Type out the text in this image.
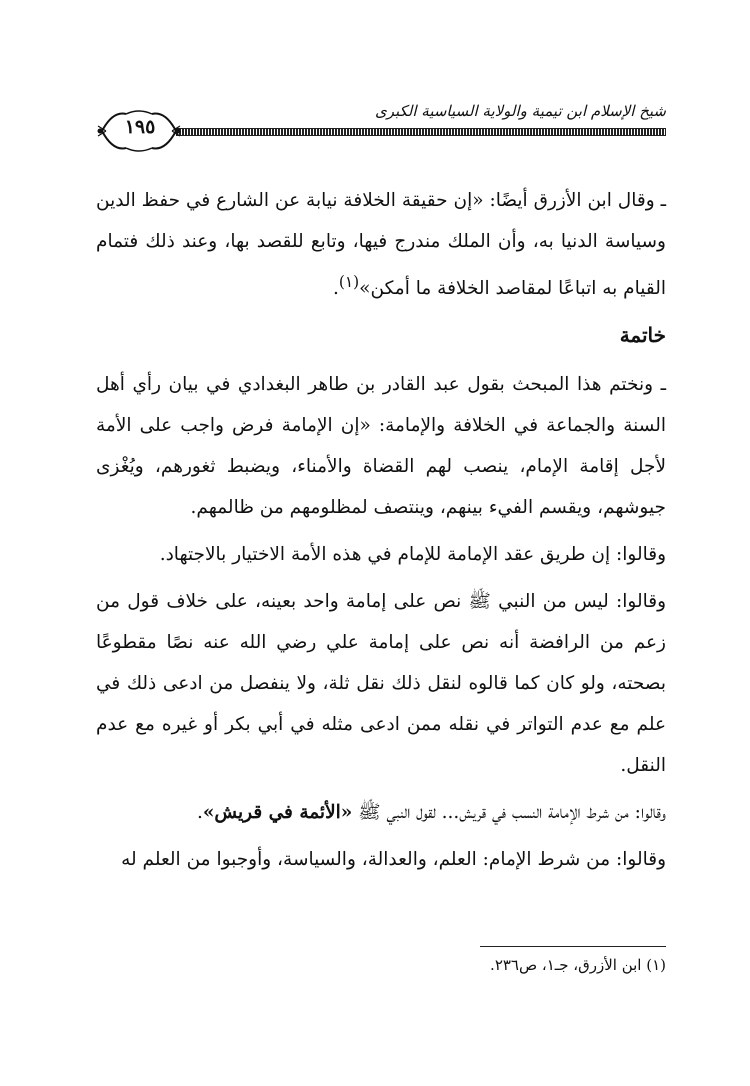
شيخ الإسلام ابن تيمية والولاية السياسية الكبرى
١٩٥

ـ وقال ابن الأزرق أيضًا: «إن حقيقة الخلافة نيابة عن الشارع في حفظ الدين وسياسة الدنيا به، وأن الملك مندرج فيها، وتابع للقصد بها، وعند ذلك فتمام القيام به اتباعًا لمقاصد الخلافة ما أمكن»$^{(١)}$.

خاتمة

ـ ونختم هذا المبحث بقول عبد القادر بن طاهر البغدادي في بيان رأي أهل السنة والجماعة في الخلافة والإمامة: «إن الإمامة فرض واجب على الأمة لأجل إقامة الإمام، ينصب لهم القضاة والأمناء، ويضبط ثغورهم، ويُغْزى جيوشهم، ويقسم الفيء بينهم، وينتصف لمظلومهم من ظالمهم.

وقالوا: إن طريق عقد الإمامة للإمام في هذه الأمة الاختيار بالاجتهاد.

وقالوا: ليس من النبي ﷺ نص على إمامة واحد بعينه، على خلاف قول من زعم من الرافضة أنه نص على إمامة علي رضي الله عنه نصًا مقطوعًا بصحته، ولو كان كما قالوه لنقل ذلك نقل ثلة، ولا ينفصل من ادعى ذلك في علم مع عدم التواتر في نقله ممن ادعى مثله في أبي بكر أو غيره مع عدم النقل.

وقالوا: من شرط الإمامة النسب في قريش... لقول النبي ﷺ «الأئمة في قريش».

وقالوا: من شرط الإمام: العلم، والعدالة، والسياسة، وأوجبوا من العلم له

(١) ابن الأزرق، جـ١، ص٢٣٦.
